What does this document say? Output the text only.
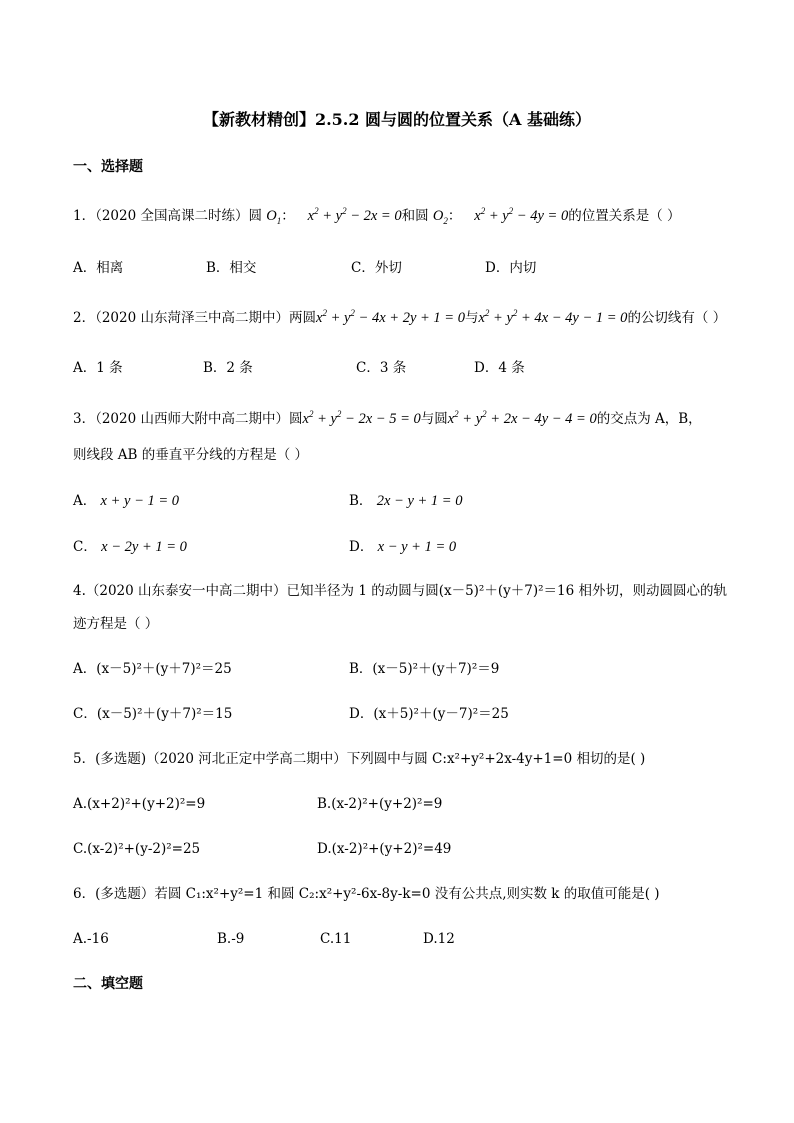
【新教材精创】2.5.2 圆与圆的位置关系（A 基础练）
一、选择题
1．（2020 全国高课二时练）圆 $O_1$： $x^2 + y^2 - 2x = 0$和圆 $O_2$： $x^2 + y^2 - 4y = 0$的位置关系是（ ）
A．相离	B．相交	C．外切	D．内切
2．（2020 山东菏泽三中高二期中）两圆$x^2 + y^2 - 4x + 2y + 1 = 0$与$x^2 + y^2 + 4x - 4y - 1 = 0$的公切线有（ ）
A．1 条	B．2 条	C．3 条	D．4 条
3．（2020 山西师大附中高二期中）圆$x^2 + y^2 - 2x - 5 = 0$与圆$x^2 + y^2 + 2x - 4y - 4 = 0$的交点为 A，B，
则线段 AB 的垂直平分线的方程是（ ）
A． x + y − 1 = 0	B． 2x − y + 1 = 0
C． x − 2y + 1 = 0	D． x − y + 1 = 0
4.（2020 山东泰安一中高二期中）已知半径为 1 的动圆与圆(x－5)²＋(y＋7)²＝16 相外切，则动圆圆心的轨
迹方程是（ ）
A．(x－5)²＋(y＋7)²＝25	B．(x－5)²＋(y＋7)²＝9
C．(x－5)²＋(y＋7)²＝15	D．(x＋5)²＋(y－7)²＝25
5．(多选题)（2020 河北正定中学高二期中）下列圆中与圆 C:x²+y²+2x-4y+1=0 相切的是( )
A.(x+2)²+(y+2)²=9	B.(x-2)²+(y+2)²=9
C.(x-2)²+(y-2)²=25	D.(x-2)²+(y+2)²=49
6．(多选题）若圆 C₁:x²+y²=1 和圆 C₂:x²+y²-6x-8y-k=0 没有公共点,则实数 k 的取值可能是( )
A.-16	B.-9	C.11	D.12
二、填空题
